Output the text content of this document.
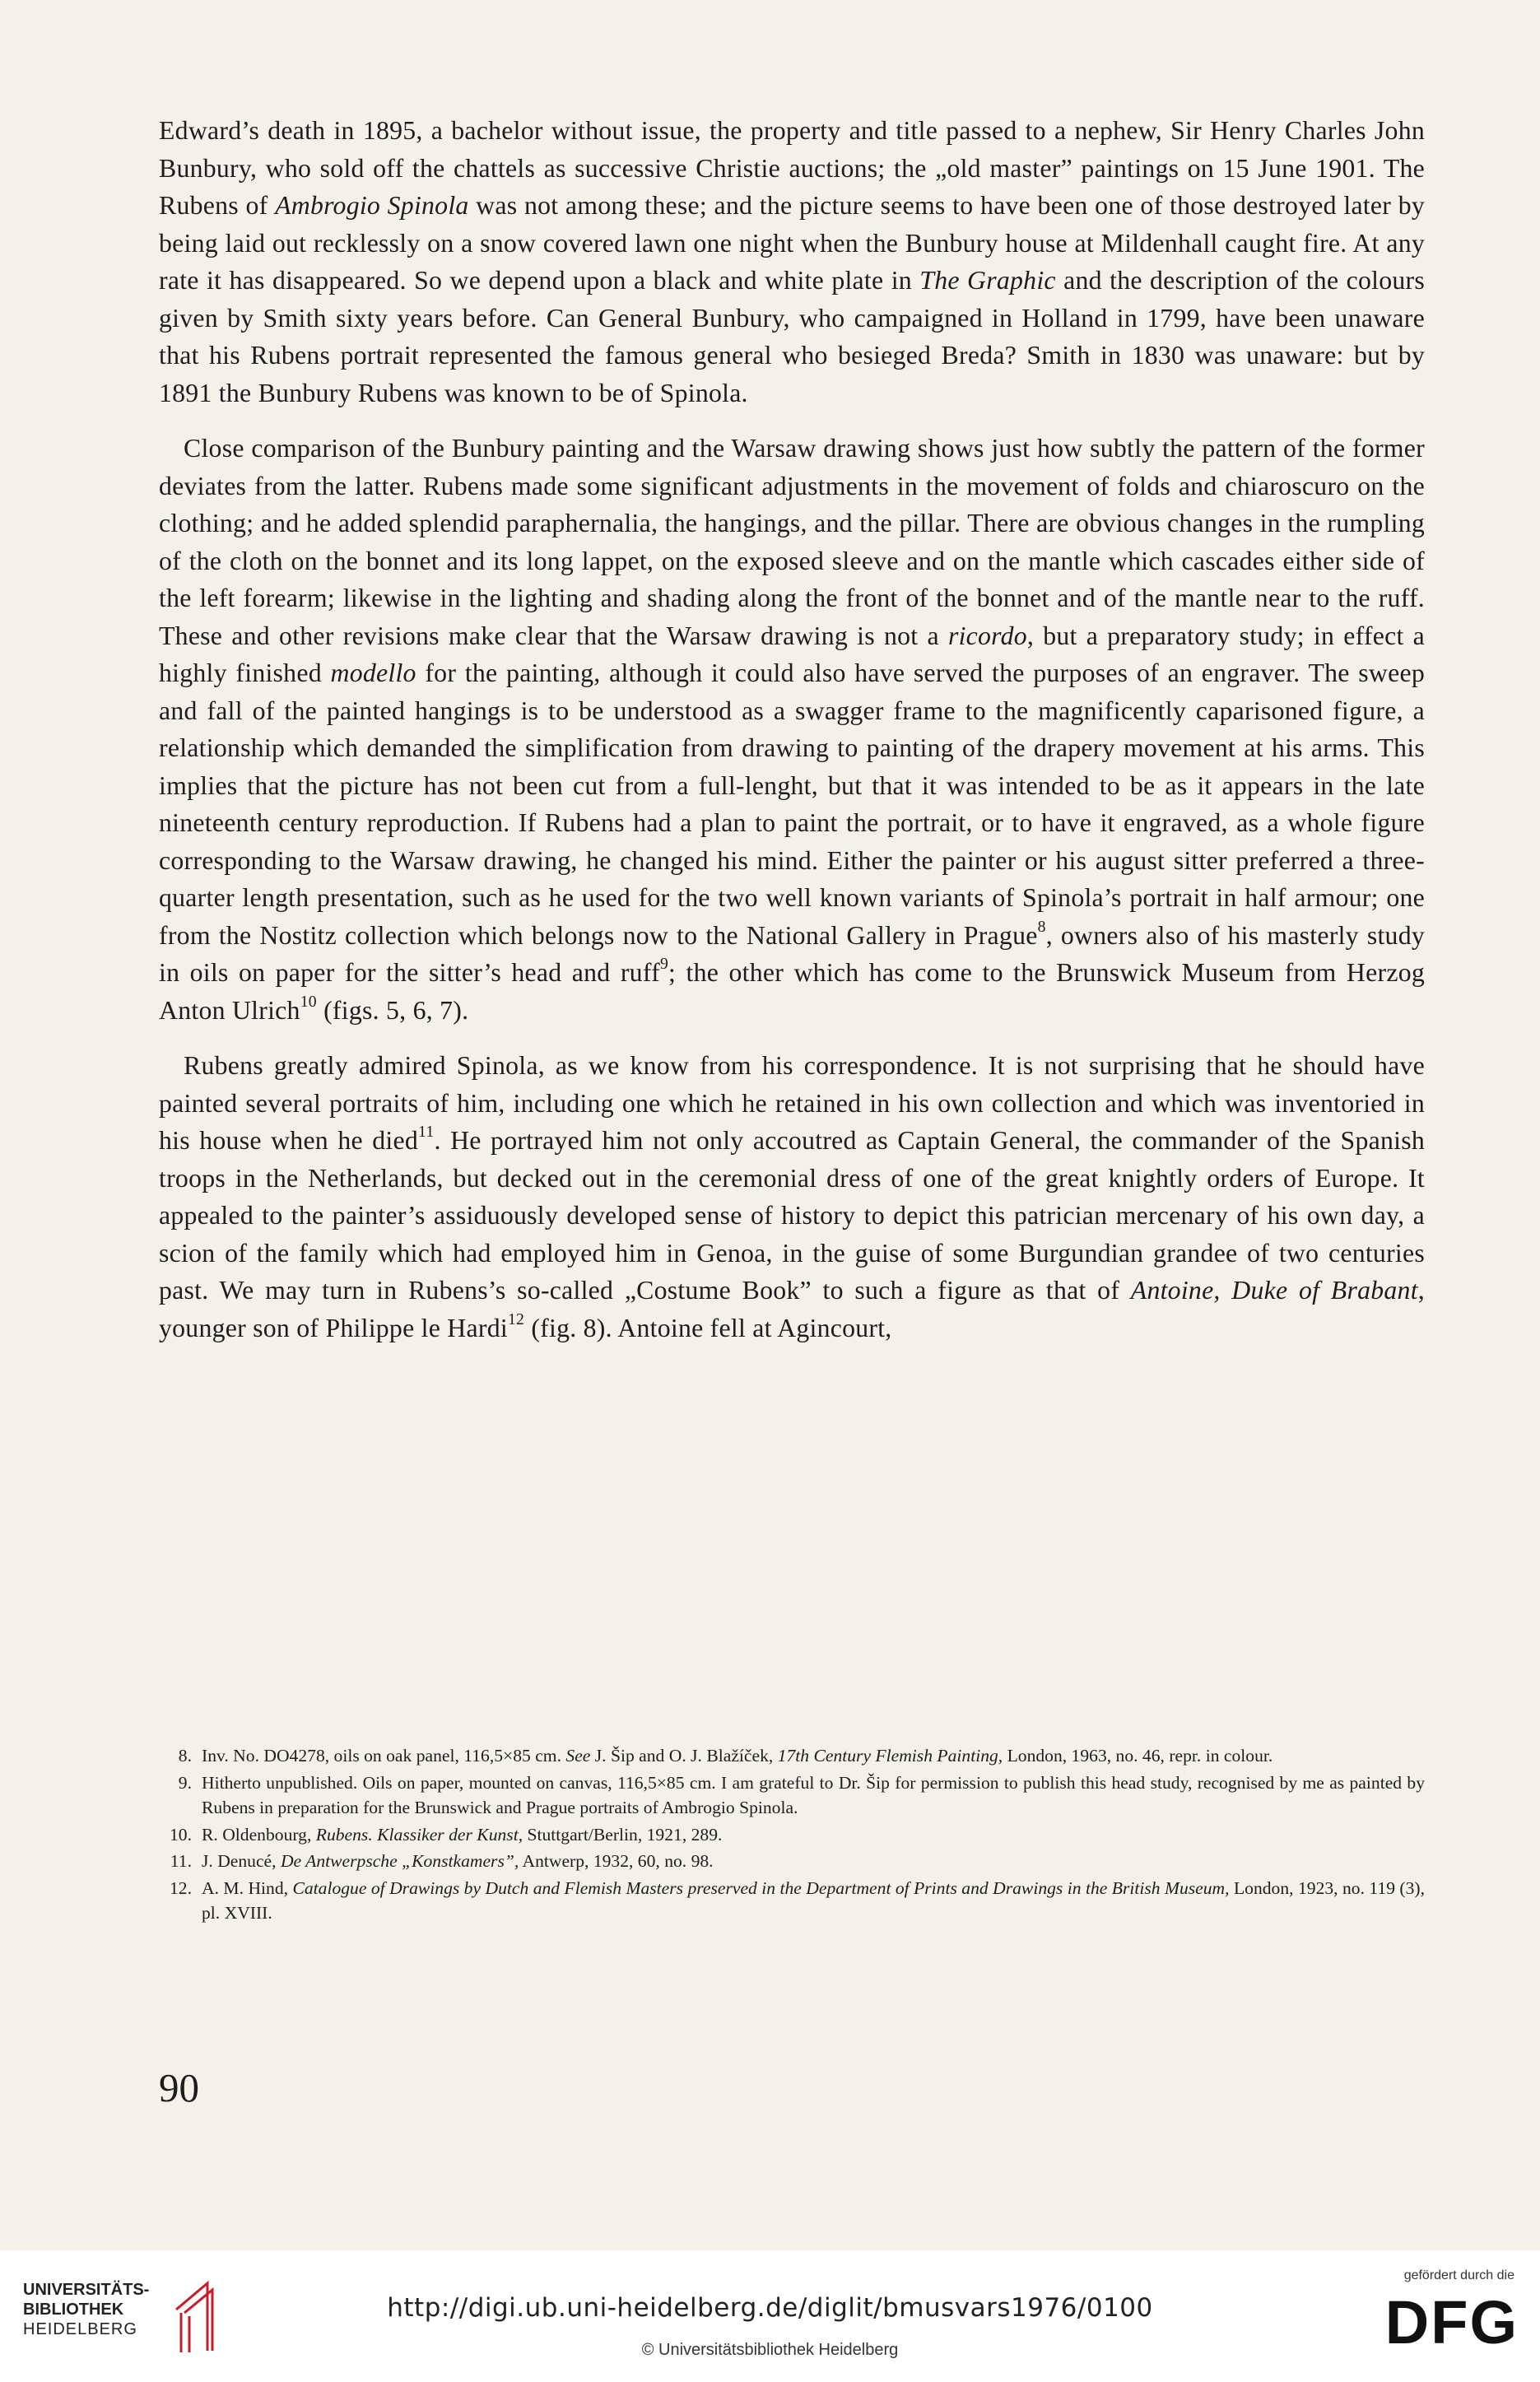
Edward’s death in 1895, a bachelor without issue, the property and title passed to a nephew, Sir Henry Charles John Bunbury, who sold off the chattels as successive Christie auctions; the „old master” paintings on 15 June 1901. The Rubens of Ambrogio Spinola was not among these; and the picture seems to have been one of those destroyed later by being laid out recklessly on a snow covered lawn one night when the Bunbury house at Mildenhall caught fire. At any rate it has disappeared. So we depend upon a black and white plate in The Graphic and the description of the colours given by Smith sixty years before. Can General Bunbury, who campaigned in Holland in 1799, have been unaware that his Rubens portrait represented the famous general who besieged Breda? Smith in 1830 was unaware: but by 1891 the Bunbury Rubens was known to be of Spinola.

Close comparison of the Bunbury painting and the Warsaw drawing shows just how subtly the pattern of the former deviates from the latter. Rubens made some significant adjustments in the movement of folds and chiaroscuro on the clothing; and he added splendid paraphernalia, the hangings, and the pillar. There are obvious changes in the rumpling of the cloth on the bonnet and its long lappet, on the exposed sleeve and on the mantle which cascades either side of the left forearm; likewise in the lighting and shading along the front of the bonnet and of the mantle near to the ruff. These and other revisions make clear that the Warsaw drawing is not a ricordo, but a preparatory study; in effect a highly finished modello for the painting, although it could also have served the purposes of an engraver. The sweep and fall of the painted hangings is to be understood as a swagger frame to the magnificently caparisoned figure, a relationship which demanded the simplification from drawing to painting of the drapery movement at his arms. This implies that the picture has not been cut from a full-lenght, but that it was intended to be as it appears in the late nineteenth century reproduction. If Rubens had a plan to paint the portrait, or to have it engraved, as a whole figure corresponding to the Warsaw drawing, he changed his mind. Either the painter or his august sitter preferred a three-quarter length presentation, such as he used for the two well known variants of Spinola’s portrait in half armour; one from the Nostitz collection which belongs now to the National Gallery in Prague$^8$, owners also of his masterly study in oils on paper for the sitter’s head and ruff$^9$; the other which has come to the Brunswick Museum from Herzog Anton Ulrich$^{10}$ (figs. 5, 6, 7).

Rubens greatly admired Spinola, as we know from his correspondence. It is not surprising that he should have painted several portraits of him, including one which he retained in his own collection and which was inventoried in his house when he died$^{11}$. He portrayed him not only accoutred as Captain General, the commander of the Spanish troops in the Netherlands, but decked out in the ceremonial dress of one of the great knightly orders of Europe. It appealed to the painter’s assiduously developed sense of history to depict this patrician mercenary of his own day, a scion of the family which had employed him in Genoa, in the guise of some Burgundian grandee of two centuries past. We may turn in Rubens’s so-called „Costume Book” to such a figure as that of Antoine, Duke of Brabant, younger son of Philippe le Hardi$^{12}$ (fig. 8). Antoine fell at Agincourt,

8. Inv. No. DO4278, oils on oak panel, 116,5×85 cm. See J. Šip and O. J. Blažíček, 17th Century Flemish Painting, London, 1963, no. 46, repr. in colour.
9. Hitherto unpublished. Oils on paper, mounted on canvas, 116,5×85 cm. I am grateful to Dr. Šip for permission to publish this head study, recognised by me as painted by Rubens in preparation for the Brunswick and Prague portraits of Ambrogio Spinola.
10. R. Oldenbourg, Rubens. Klassiker der Kunst, Stuttgart/Berlin, 1921, 289.
11. J. Denucé, De Antwerpsche „Konstkamers”, Antwerp, 1932, 60, no. 98.
12. A. M. Hind, Catalogue of Drawings by Dutch and Flemish Masters preserved in the Department of Prints and Drawings in the British Museum, London, 1923, no. 119 (3), pl. XVIII.
90
UNIVERSITÄTS-
BIBLIOTHEK
HEIDELBERG
http://digi.ub.uni-heidelberg.de/diglit/bmusvars1976/0100
© Universitätsbibliothek Heidelberg
gefördert durch die
DFG
